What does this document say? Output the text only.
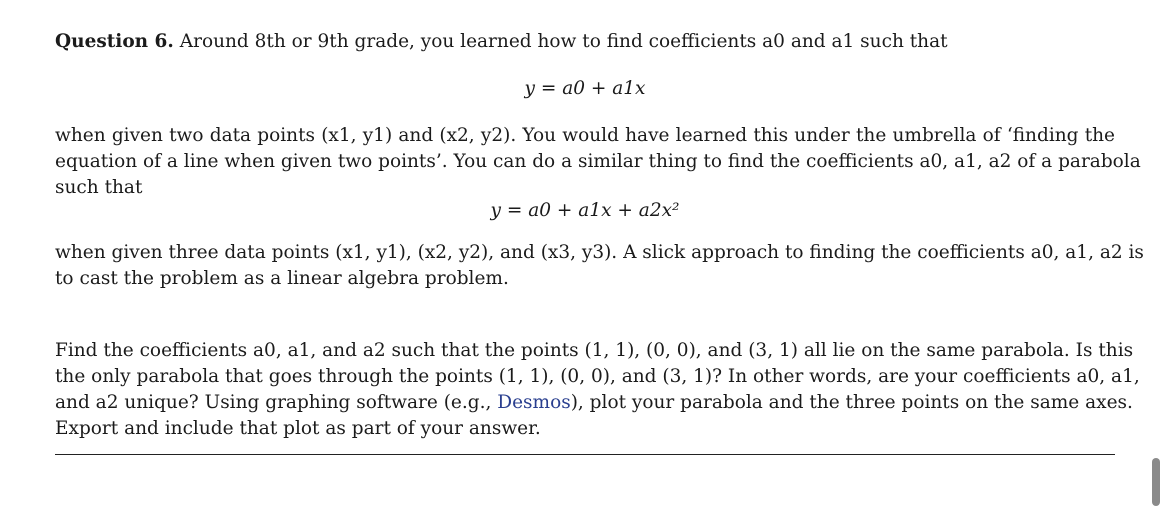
Question 6. Around 8th or 9th grade, you learned how to find coefficients a0 and a1 such that
y = a0 + a1x
when given two data points (x1, y1) and (x2, y2). You would have learned this under the umbrella of ‘finding the
equation of a line when given two points’. You can do a similar thing to find the coefficients a0, a1, a2 of a parabola
such that
y = a0 + a1x + a2x²
when given three data points (x1, y1), (x2, y2), and (x3, y3). A slick approach to finding the coefficients a0, a1, a2 is
to cast the problem as a linear algebra problem.
Find the coefficients a0, a1, and a2 such that the points (1, 1), (0, 0), and (3, 1) all lie on the same parabola. Is this
the only parabola that goes through the points (1, 1), (0, 0), and (3, 1)? In other words, are your coefficients a0, a1,
and a2 unique? Using graphing software (e.g., Desmos), plot your parabola and the three points on the same axes.
Export and include that plot as part of your answer.
